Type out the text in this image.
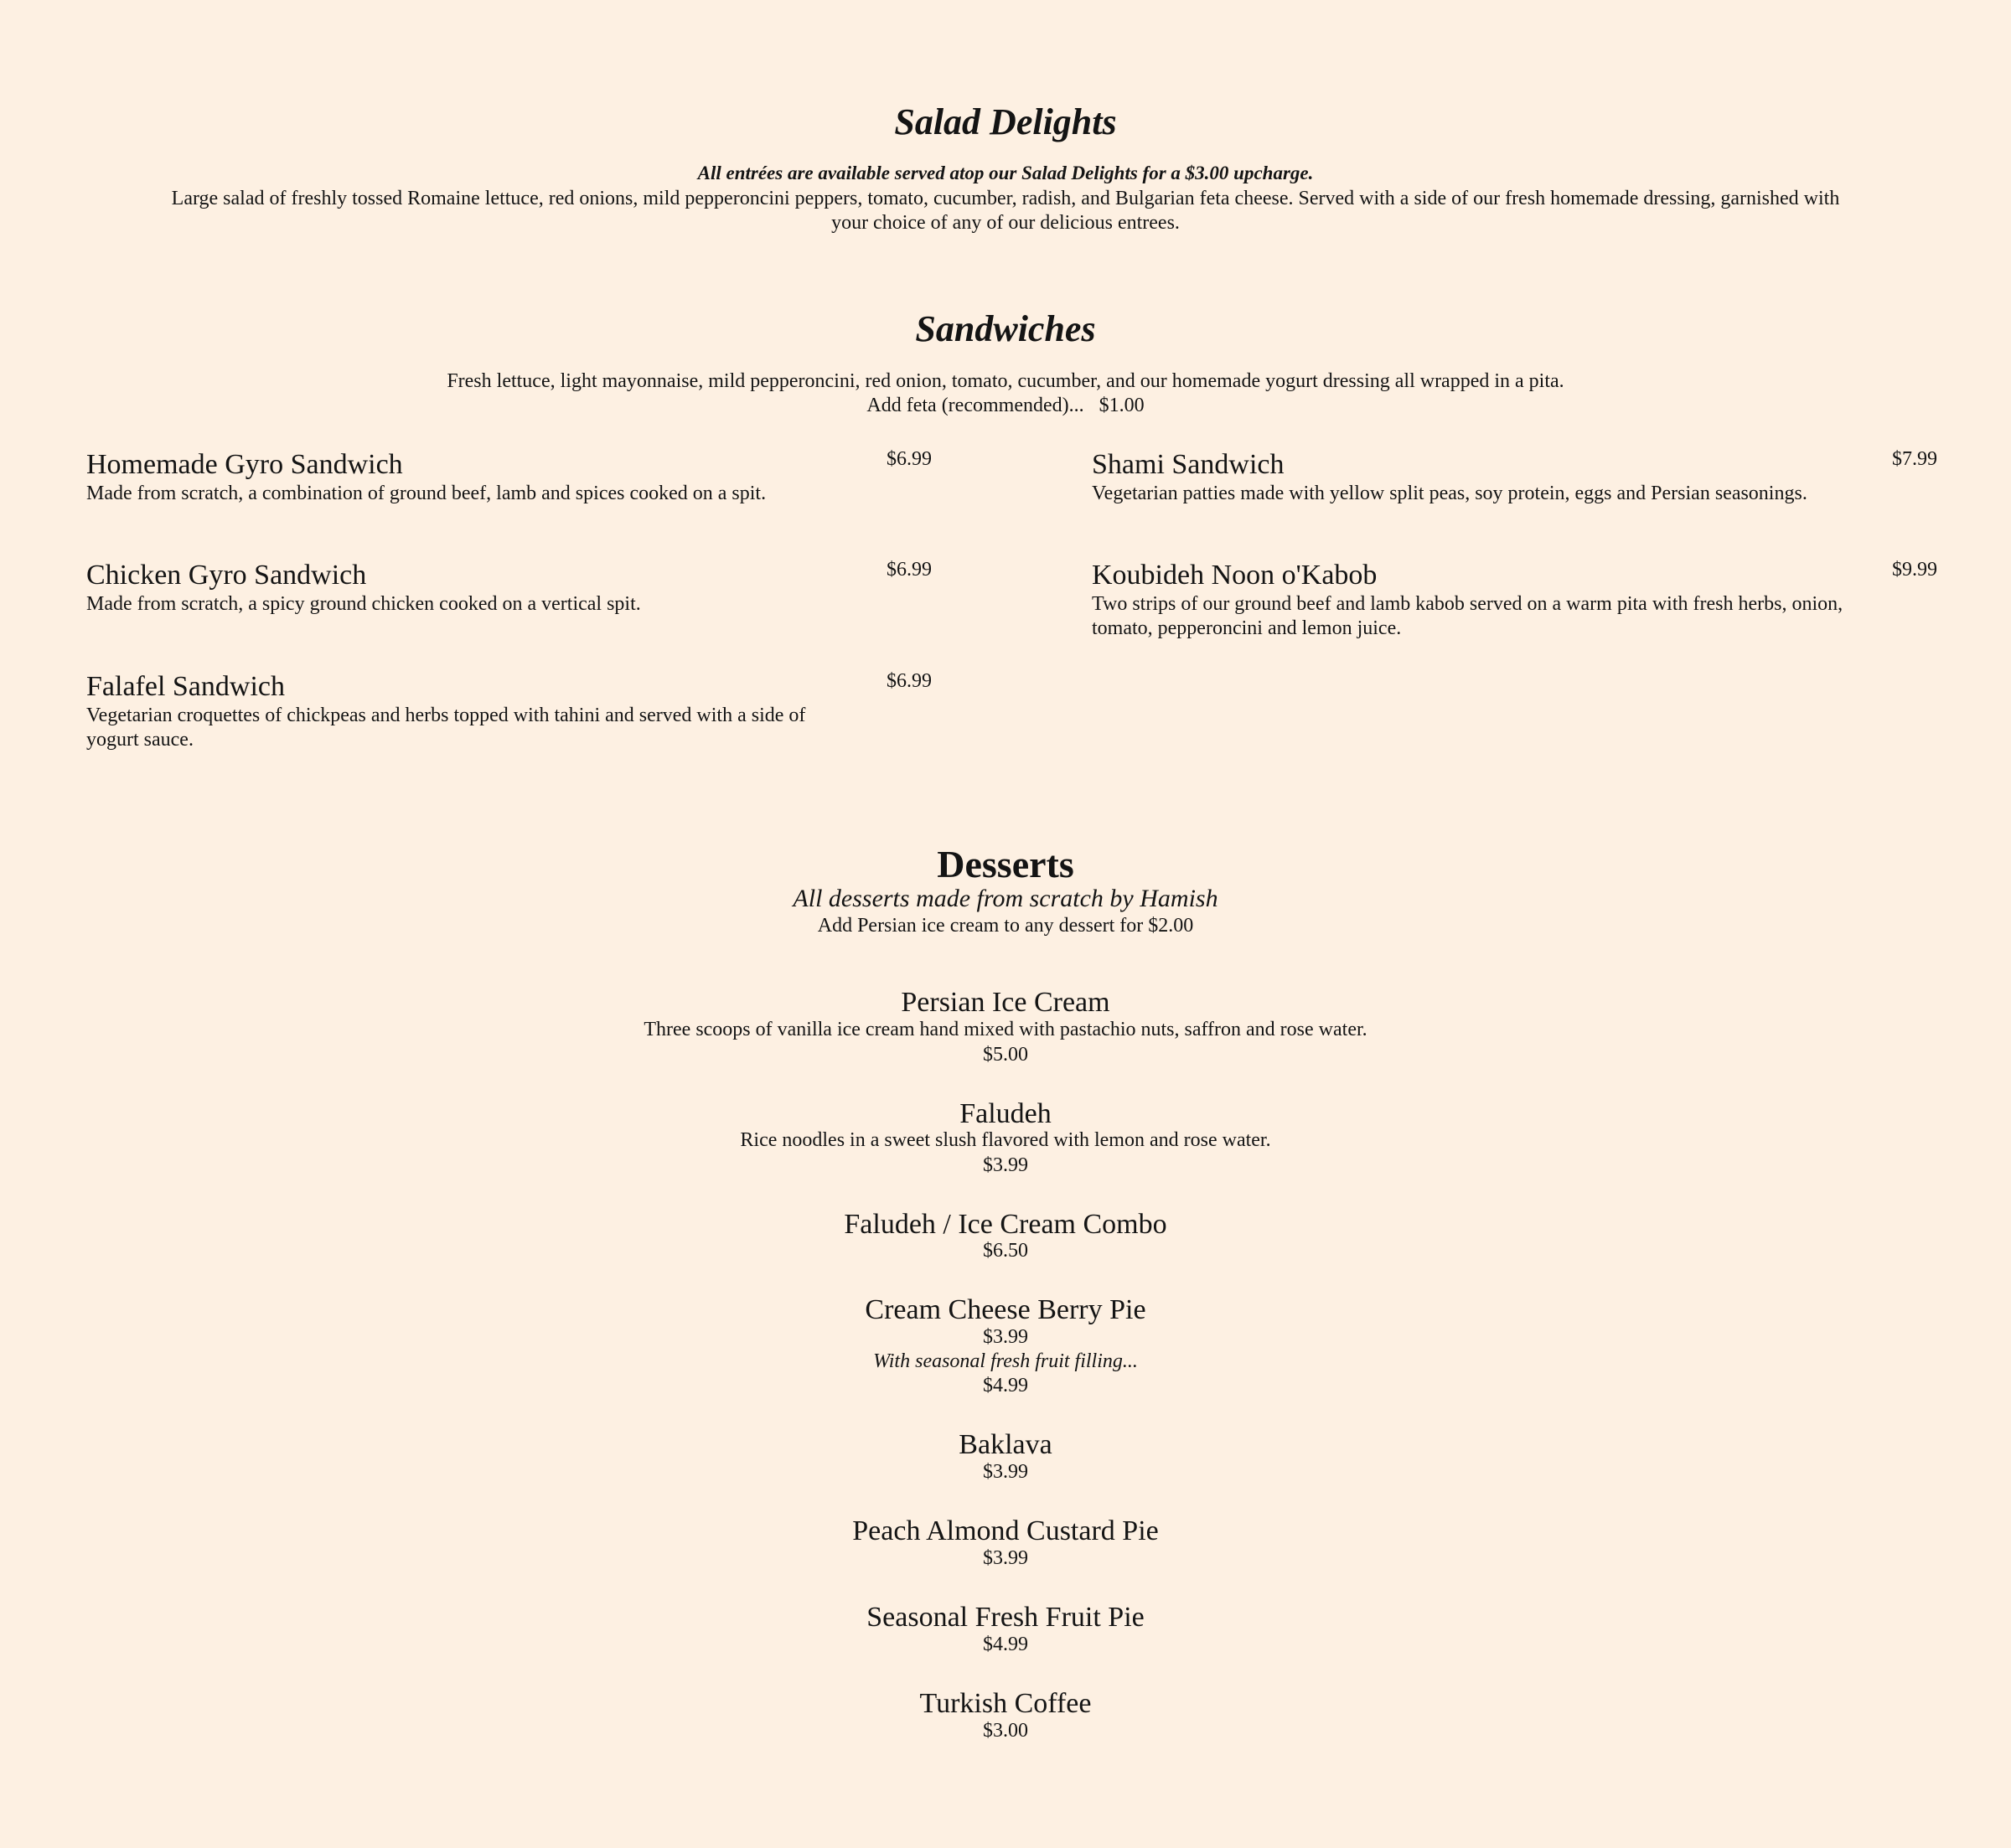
Salad Delights

All entrées are available served atop our Salad Delights for a $3.00 upcharge.

Large salad of freshly tossed Romaine lettuce, red onions, mild pepperoncini peppers, tomato, cucumber, radish, and Bulgarian feta cheese. Served with a side of our fresh homemade dressing, garnished with your choice of any of our delicious entrees.

Sandwiches

Fresh lettuce, light mayonnaise, mild pepperoncini, red onion, tomato, cucumber, and our homemade yogurt dressing all wrapped in a pita.

Add feta (recommended)...   $1.00

Homemade Gyro Sandwich

Made from scratch, a combination of ground beef, lamb and spices cooked on a spit.

$6.99

Chicken Gyro Sandwich

Made from scratch, a spicy ground chicken cooked on a vertical spit.

$6.99

Falafel Sandwich

Vegetarian croquettes of chickpeas and herbs topped with tahini and served with a side of yogurt sauce.

$6.99

Shami Sandwich

Vegetarian patties made with yellow split peas, soy protein, eggs and Persian seasonings.

$7.99

Koubideh Noon o'Kabob

Two strips of our ground beef and lamb kabob served on a warm pita with fresh herbs, onion, tomato, pepperoncini and lemon juice.

$9.99

Desserts

All desserts made from scratch by Hamish

Add Persian ice cream to any dessert for $2.00

Persian Ice Cream

Three scoops of vanilla ice cream hand mixed with pastachio nuts, saffron and rose water.

$5.00

Faludeh

Rice noodles in a sweet slush flavored with lemon and rose water.

$3.99

Faludeh / Ice Cream Combo

$6.50

Cream Cheese Berry Pie

$3.99

With seasonal fresh fruit filling...

$4.99

Baklava

$3.99

Peach Almond Custard Pie

$3.99

Seasonal Fresh Fruit Pie

$4.99

Turkish Coffee

$3.00
